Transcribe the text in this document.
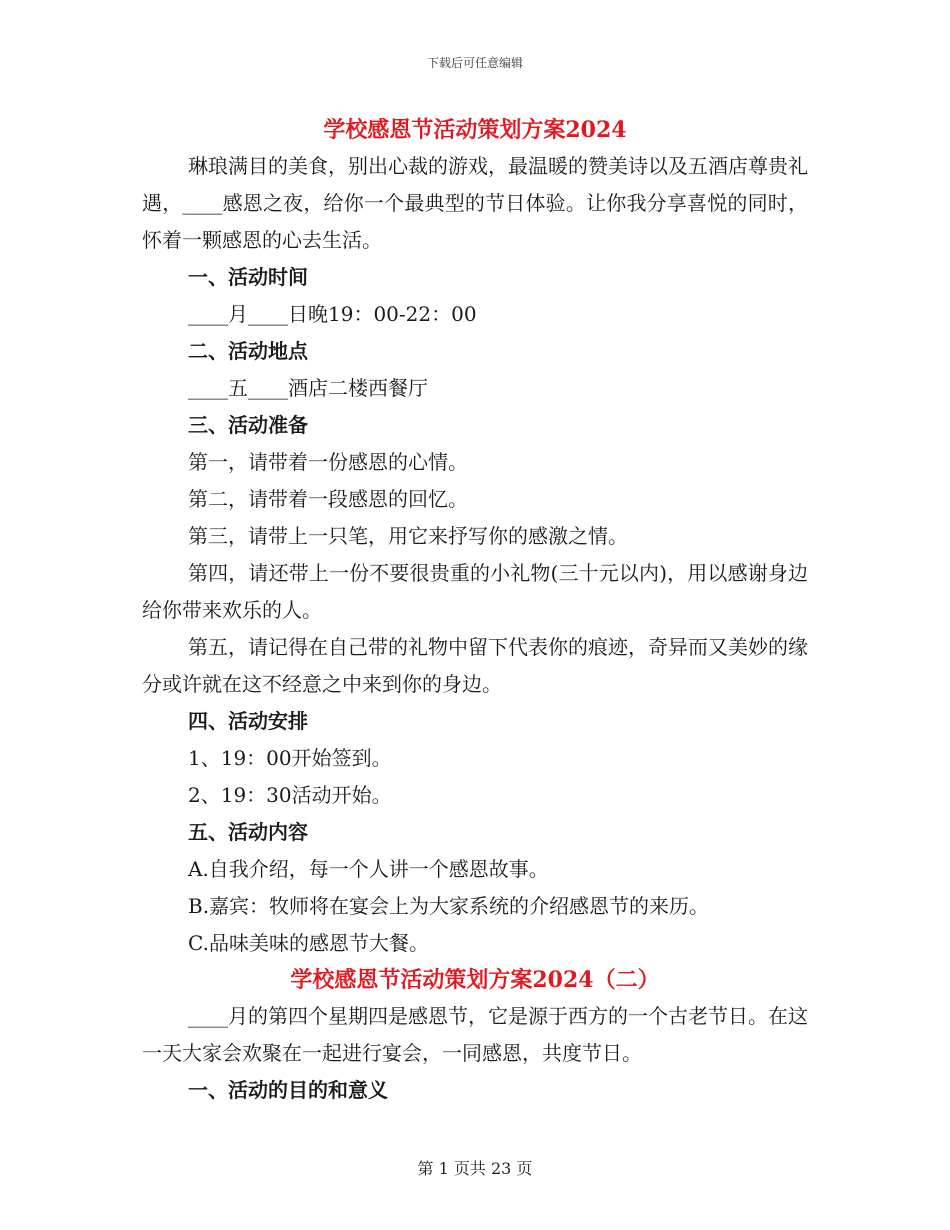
下载后可任意编辑
学校感恩节活动策划方案2024

琳琅满目的美食，别出心裁的游戏，最温暖的赞美诗以及五酒店尊贵礼遇，____感恩之夜，给你一个最典型的节日体验。让你我分享喜悦的同时，怀着一颗感恩的心去生活。

一、活动时间

____月____日晚19：00-22：00

二、活动地点

____五____酒店二楼西餐厅

三、活动准备

第一，请带着一份感恩的心情。

第二，请带着一段感恩的回忆。

第三，请带上一只笔，用它来抒写你的感激之情。

第四，请还带上一份不要很贵重的小礼物(三十元以内)，用以感谢身边给你带来欢乐的人。

第五，请记得在自己带的礼物中留下代表你的痕迹，奇异而又美妙的缘分或许就在这不经意之中来到你的身边。

四、活动安排

1、19：00开始签到。

2、19：30活动开始。

五、活动内容

A.自我介绍，每一个人讲一个感恩故事。

B.嘉宾：牧师将在宴会上为大家系统的介绍感恩节的来历。

C.品味美味的感恩节大餐。

学校感恩节活动策划方案2024（二）

____月的第四个星期四是感恩节，它是源于西方的一个古老节日。在这一天大家会欢聚在一起进行宴会，一同感恩，共度节日。

一、活动的目的和意义

第 1 页共 23 页
